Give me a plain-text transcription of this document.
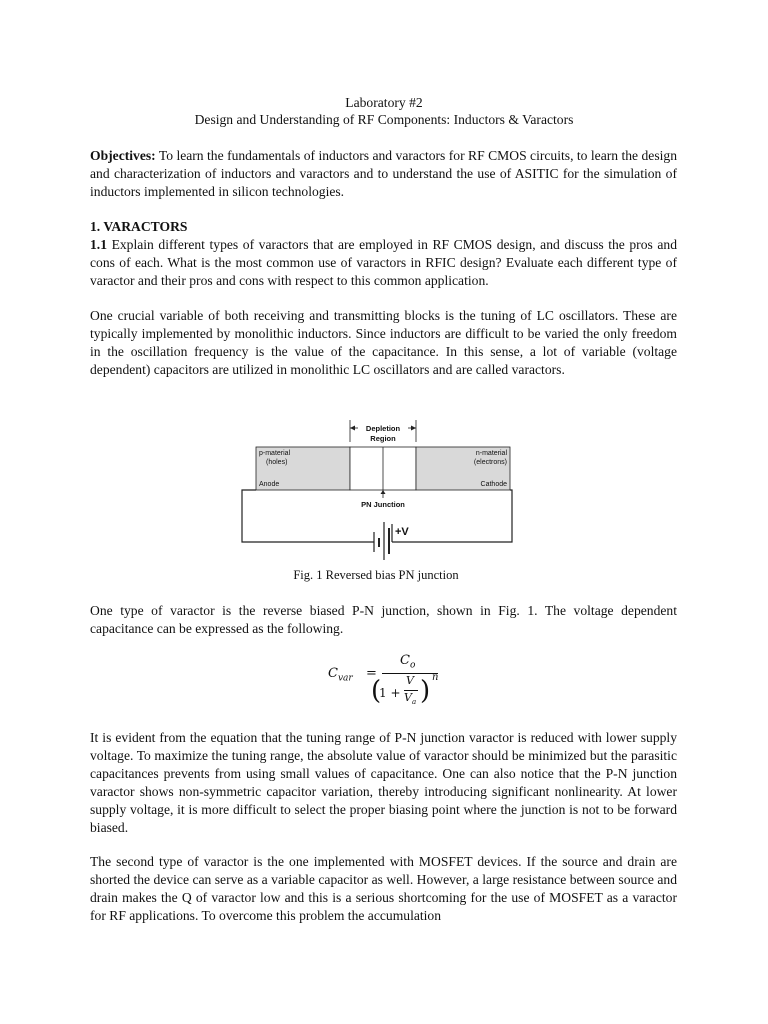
Laboratory #2
Design and Understanding of RF Components: Inductors & Varactors
Objectives: To learn the fundamentals of inductors and varactors for RF CMOS circuits, to learn the design and characterization of inductors and varactors and to understand the use of ASITIC for the simulation of inductors implemented in silicon technologies.
1. VARACTORS
1.1 Explain different types of varactors that are employed in RF CMOS design, and discuss the pros and cons of each. What is the most common use of varactors in RFIC design? Evaluate each different type of varactor and their pros and cons with respect to this common application.
One crucial variable of both receiving and transmitting blocks is the tuning of LC oscillators. These are typically implemented by monolithic inductors. Since inductors are difficult to be varied the only freedom in the oscillation frequency is the value of the capacitance. In this sense, a lot of variable (voltage dependent) capacitors are utilized in monolithic LC oscillators and are called varactors.
Depletion
Region
p-material
(holes)
n-material
(electrons)
Anode	Cathode
PN Junction
+V
Fig. 1 Reversed bias PN junction
One type of varactor is the reverse biased P-N junction, shown in Fig. 1. The voltage dependent capacitance can be expressed as the following.
$C_{var}$ =
$C_o$
(
1 +
V
$V_a$ ) n
It is evident from the equation that the tuning range of P-N junction varactor is reduced with lower supply voltage. To maximize the tuning range, the absolute value of varactor should be minimized but the parasitic capacitances prevents from using small values of capacitance. One can also notice that the P-N junction varactor shows non-symmetric capacitor variation, thereby introducing significant nonlinearity. At lower supply voltage, it is more difficult to select the proper biasing point where the junction is not to be forward biased.
The second type of varactor is the one implemented with MOSFET devices. If the source and drain are shorted the device can serve as a variable capacitor as well. However, a large resistance between source and drain makes the Q of varactor low and this is a serious shortcoming for the use of MOSFET as a varactor for RF applications. To overcome this problem the accumulation
